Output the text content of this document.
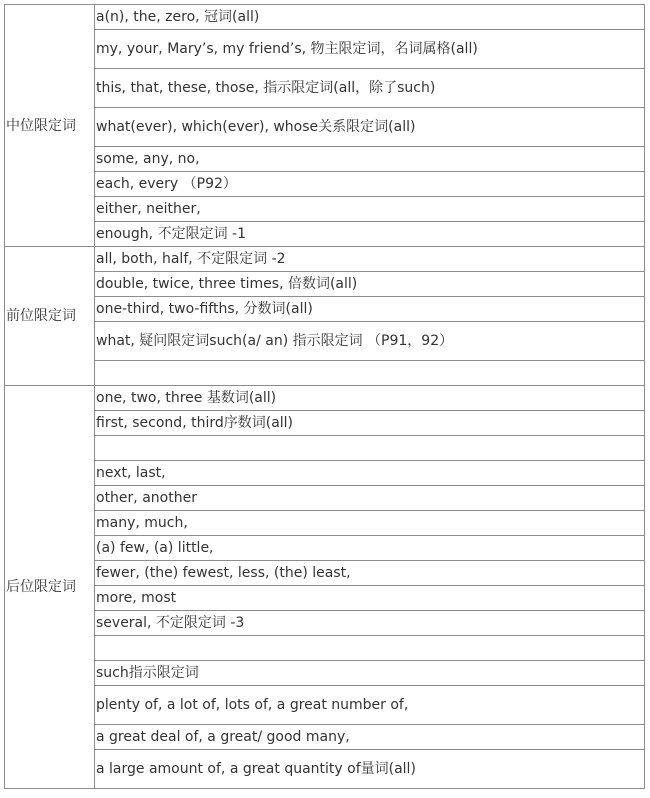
中位限定词	a(n), the, zero, 冠词(all)
	my, your, Mary’s, my friend’s, 物主限定词，名词属格(all)
	this, that, these, those, 指示限定词(all，除了such)
	what(ever), which(ever), whose关系限定词(all)
	some, any, no,
	each, every （P92）
	either, neither,
	enough, 不定限定词 -1
前位限定词	all, both, half, 不定限定词 -2
	double, twice, three times, 倍数词(all)
	one-third, two-fifths, 分数词(all)
	what, 疑问限定词such(a/ an) 指示限定词 （P91，92）

后位限定词	one, two, three 基数词(all)
	first, second, third序数词(all)

	next, last,
	other, another
	many, much,
	(a) few, (a) little,
	fewer, (the) fewest, less, (the) least,
	more, most
	several, 不定限定词 -3

	such指示限定词
	plenty of, a lot of, lots of, a great number of,
	a great deal of, a great/ good many,
	a large amount of, a great quantity of量词(all)
